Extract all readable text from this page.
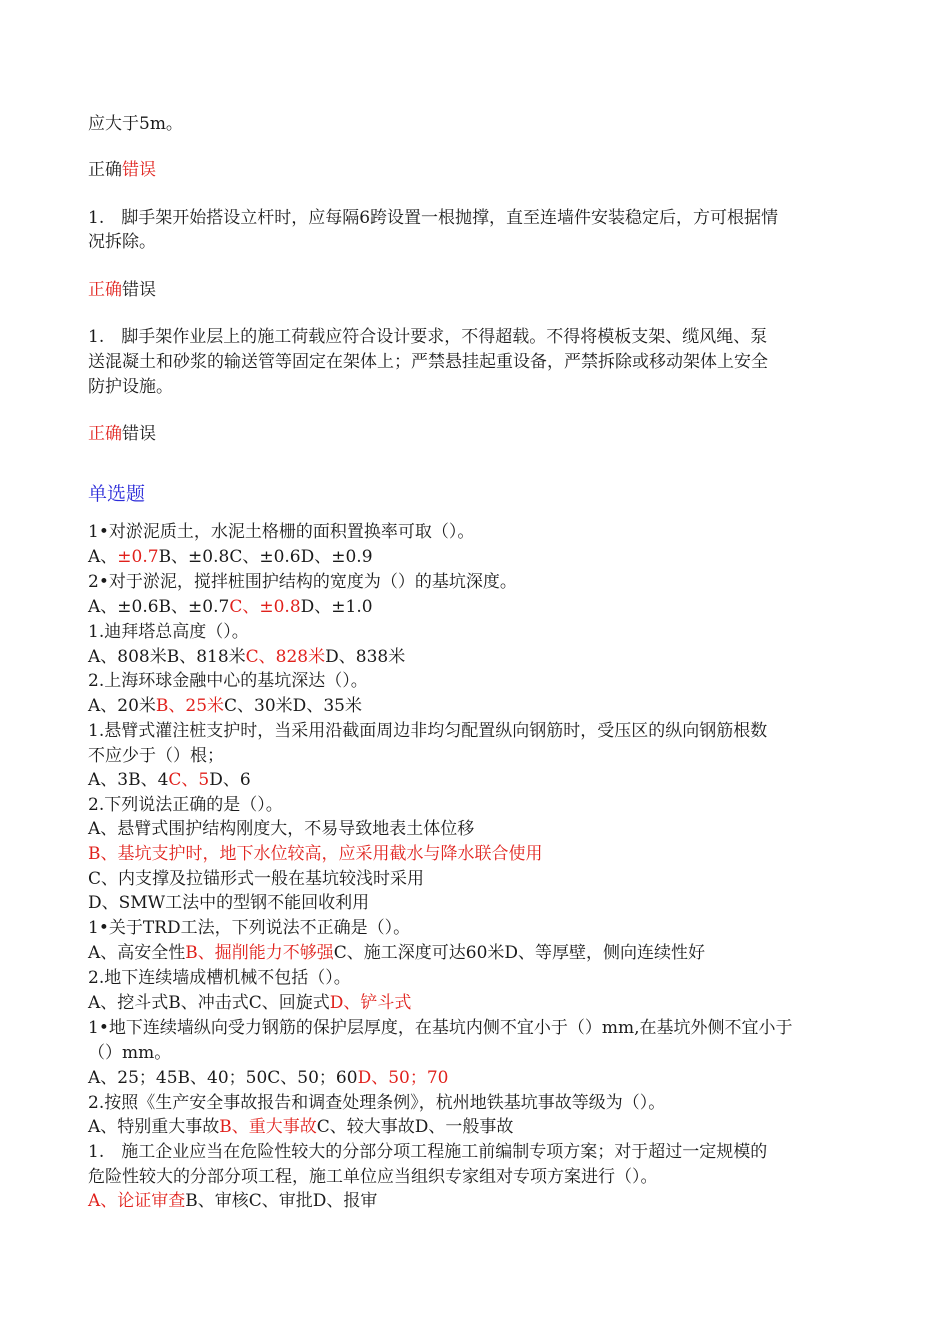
应大于5m。
正确错误
1.　脚手架开始搭设立杆时，应每隔6跨设置一根抛撑，直至连墙件安装稳定后，方可根据情
况拆除。
正确错误
1.　脚手架作业层上的施工荷载应符合设计要求，不得超载。不得将模板支架、缆风绳、泵
送混凝土和砂浆的输送管等固定在架体上；严禁悬挂起重设备，严禁拆除或移动架体上安全
防护设施。
正确错误
单选题
1•对淤泥质土，水泥土格栅的面积置换率可取（）。
A、±0.7B、±0.8C、±0.6D、±0.9
2•对于淤泥，搅拌桩围护结构的宽度为（）的基坑深度。
A、±0.6B、±0.7C、±0.8D、±1.0
1.迪拜塔总高度（）。
A、808米B、818米C、828米D、838米
2.上海环球金融中心的基坑深达（）。
A、20米B、25米C、30米D、35米
1.悬臂式灌注桩支护时，当采用沿截面周边非均匀配置纵向钢筋时，受压区的纵向钢筋根数
不应少于（）根；
A、3B、4C、5D、6
2.下列说法正确的是（）。
A、悬臂式围护结构刚度大，不易导致地表土体位移
B、基坑支护时，地下水位较高，应采用截水与降水联合使用
C、内支撑及拉锚形式一般在基坑较浅时采用
D、SMW工法中的型钢不能回收利用
1•关于TRD工法，下列说法不正确是（）。
A、高安全性B、掘削能力不够强C、施工深度可达60米D、等厚壁，侧向连续性好
2.地下连续墙成槽机械不包括（）。
A、挖斗式B、冲击式C、回旋式D、铲斗式
1•地下连续墙纵向受力钢筋的保护层厚度，在基坑内侧不宜小于（）mm,在基坑外侧不宜小于
（）mm。
A、25；45B、40；50C、50；60D、50；70
2.按照《生产安全事故报告和调查处理条例》，杭州地铁基坑事故等级为（）。
A、特别重大事故B、重大事故C、较大事故D、一般事故
1.　施工企业应当在危险性较大的分部分项工程施工前编制专项方案；对于超过一定规模的
危险性较大的分部分项工程，施工单位应当组织专家组对专项方案进行（）。
A、论证审查B、审核C、审批D、报审
